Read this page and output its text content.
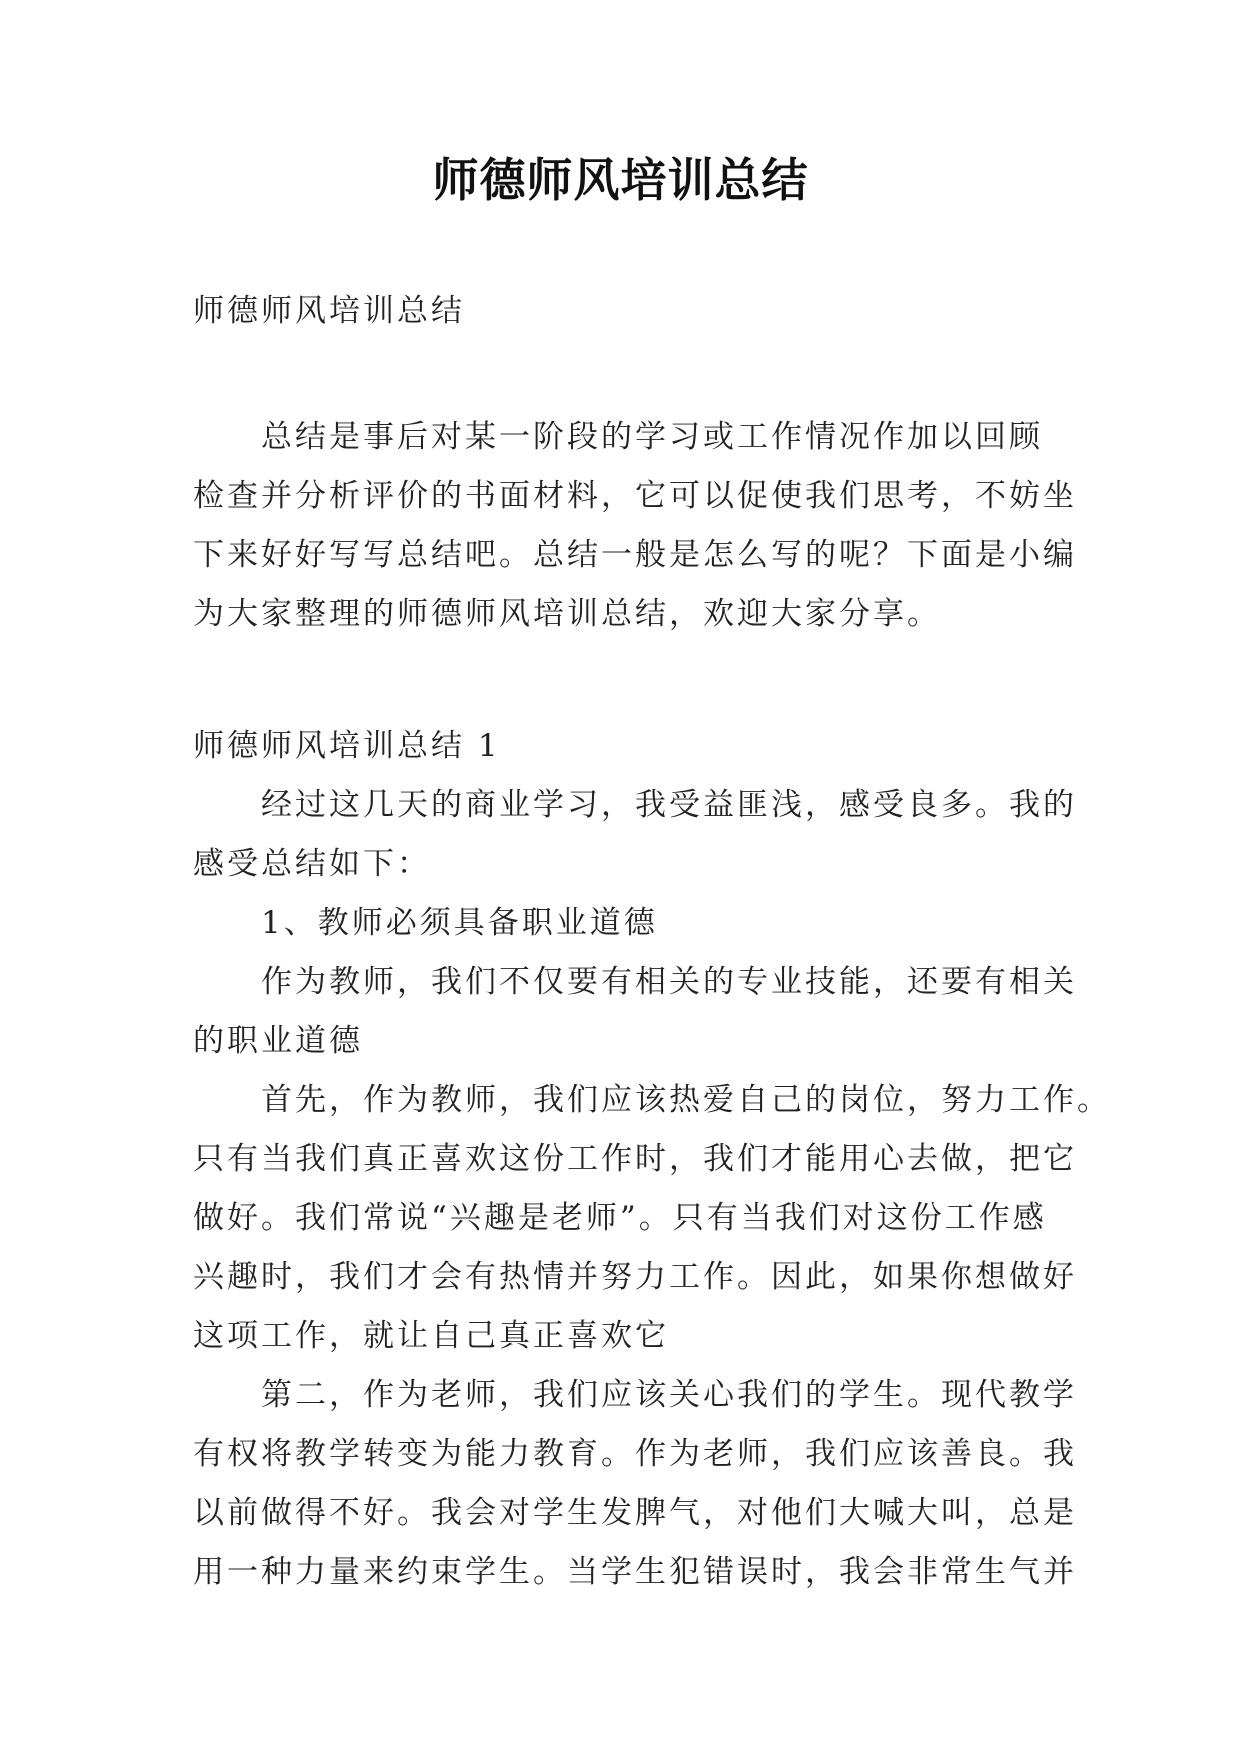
师德师风培训总结
师德师风培训总结
总结是事后对某一阶段的学习或工作情况作加以回顾
检查并分析评价的书面材料，它可以促使我们思考，不妨坐
下来好好写写总结吧。总结一般是怎么写的呢？下面是小编
为大家整理的师德师风培训总结，欢迎大家分享。
师德师风培训总结 1
经过这几天的商业学习，我受益匪浅，感受良多。我的
感受总结如下：
1、教师必须具备职业道德
作为教师，我们不仅要有相关的专业技能，还要有相关
的职业道德
首先，作为教师，我们应该热爱自己的岗位，努力工作。
只有当我们真正喜欢这份工作时，我们才能用心去做，把它
做好。我们常说“兴趣是老师”。只有当我们对这份工作感
兴趣时，我们才会有热情并努力工作。因此，如果你想做好
这项工作，就让自己真正喜欢它
第二，作为老师，我们应该关心我们的学生。现代教学
有权将教学转变为能力教育。作为老师，我们应该善良。我
以前做得不好。我会对学生发脾气，对他们大喊大叫，总是
用一种力量来约束学生。当学生犯错误时，我会非常生气并
